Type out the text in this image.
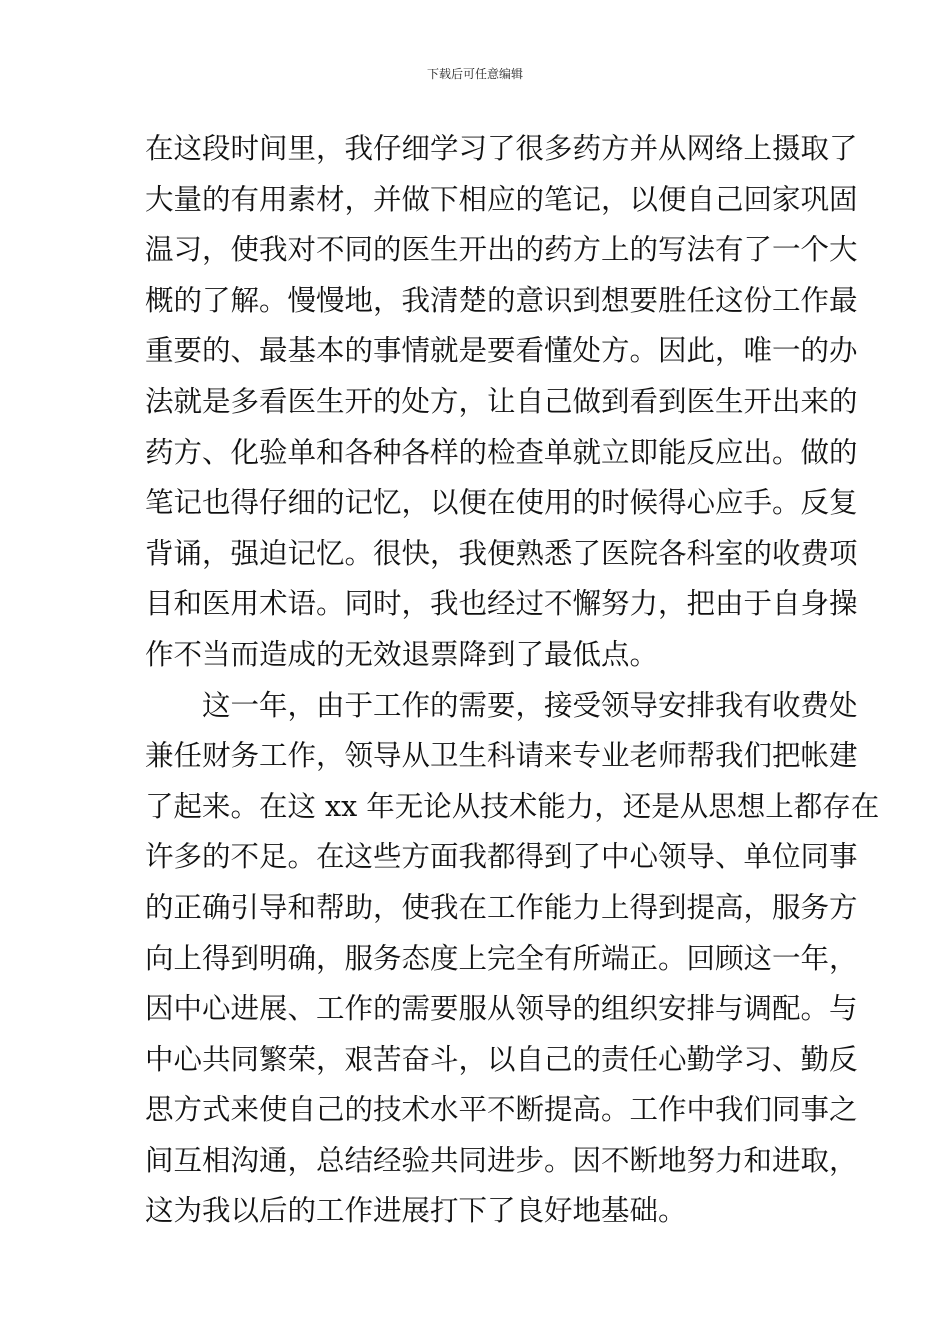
下载后可任意编辑
在这段时间里，我仔细学习了很多药方并从网络上摄取了
大量的有用素材，并做下相应的笔记，以便自己回家巩固
温习，使我对不同的医生开出的药方上的写法有了一个大
概的了解。慢慢地，我清楚的意识到想要胜任这份工作最
重要的、最基本的事情就是要看懂处方。因此，唯一的办
法就是多看医生开的处方，让自己做到看到医生开出来的
药方、化验单和各种各样的检查单就立即能反应出。做的
笔记也得仔细的记忆，以便在使用的时候得心应手。反复
背诵，强迫记忆。很快，我便熟悉了医院各科室的收费项
目和医用术语。同时，我也经过不懈努力，把由于自身操
作不当而造成的无效退票降到了最低点。
这一年，由于工作的需要，接受领导安排我有收费处
兼任财务工作，领导从卫生科请来专业老师帮我们把帐建
了起来。在这 xx 年无论从技术能力，还是从思想上都存在
许多的不足。在这些方面我都得到了中心领导、单位同事
的正确引导和帮助，使我在工作能力上得到提高，服务方
向上得到明确，服务态度上完全有所端正。回顾这一年，
因中心进展、工作的需要服从领导的组织安排与调配。与
中心共同繁荣，艰苦奋斗，以自己的责任心勤学习、勤反
思方式来使自己的技术水平不断提高。工作中我们同事之
间互相沟通，总结经验共同进步。因不断地努力和进取，
这为我以后的工作进展打下了良好地基础。
